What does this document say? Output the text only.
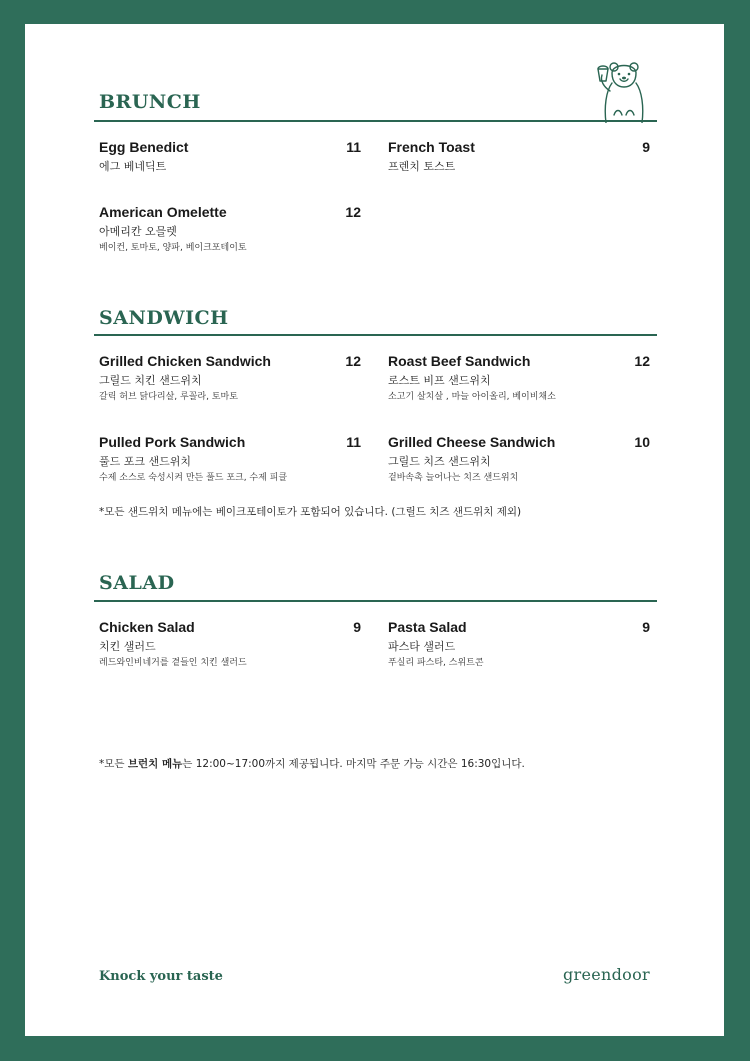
BRUNCH
Egg Benedict	11
에그 베네딕트
French Toast	9
프렌치 토스트
American Omelette	12
아메리칸 오믈렛
베이컨, 토마토, 양파, 베이크포테이토
SANDWICH
Grilled Chicken Sandwich	12
그릴드 치킨 샌드위치
갈릭 허브 닭다리살, 루꼴라, 토마토
Roast Beef Sandwich	12
로스트 비프 샌드위치
소고기 살치살 , 마늘 아이올리, 베이비채소
Pulled Pork Sandwich	11
풀드 포크 샌드위치
수제 소스로 숙성시켜 만든 풀드 포크, 수제 피클
Grilled Cheese Sandwich	10
그릴드 치즈 샌드위치
겉바속촉 늘어나는 치즈 샌드위치
*모든 샌드위치 메뉴에는 베이크포테이토가 포함되어 있습니다. (그릴드 치즈 샌드위치 제외)
SALAD
Chicken Salad	9
치킨 샐러드
레드와인비네거를 곁들인 치킨 샐러드
Pasta Salad	9
파스타 샐러드
푸실리 파스타, 스위트콘
*모든 브런치 메뉴는 12:00~17:00까지 제공됩니다. 마지막 주문 가능 시간은 16:30입니다.
Knock your taste	greendoor
